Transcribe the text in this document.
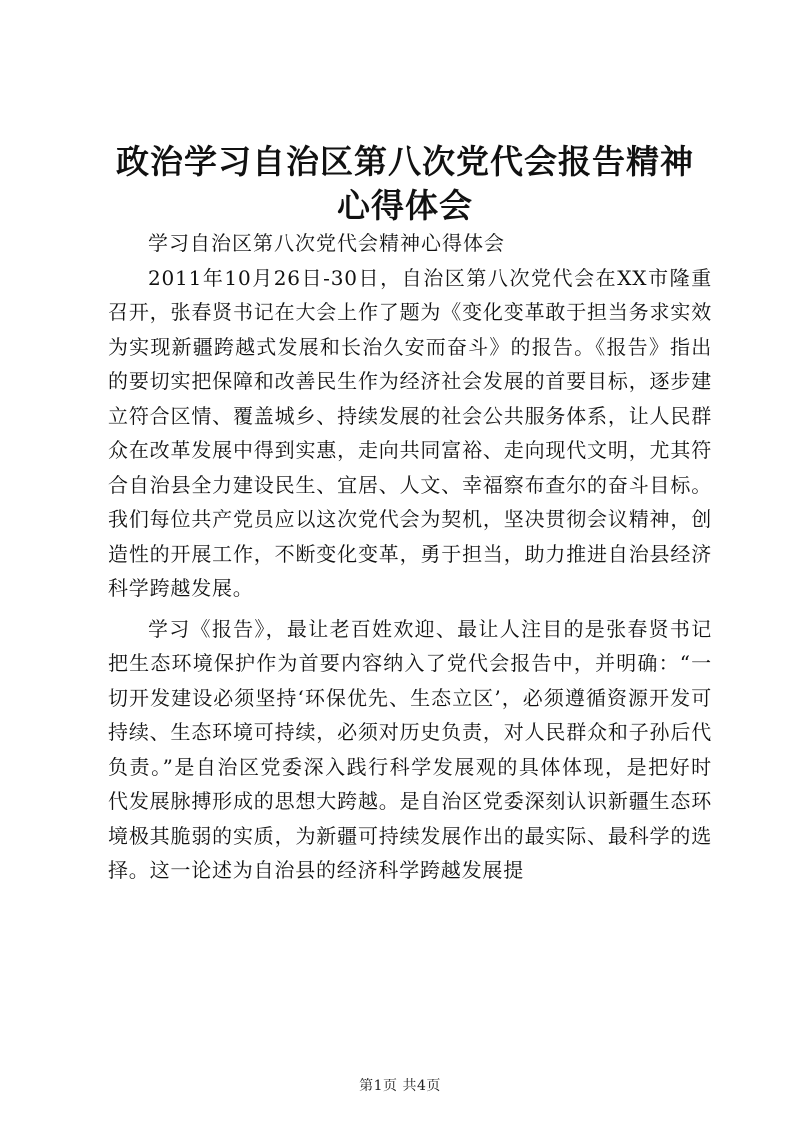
政治学习自治区第八次党代会报告精神心得体会

学习自治区第八次党代会精神心得体会

2011年10月26日-30日，自治区第八次党代会在XX市隆重召开，张春贤书记在大会上作了题为《变化变革敢于担当务求实效为实现新疆跨越式发展和长治久安而奋斗》的报告。《报告》指出的要切实把保障和改善民生作为经济社会发展的首要目标，逐步建立符合区情、覆盖城乡、持续发展的社会公共服务体系，让人民群众在改革发展中得到实惠，走向共同富裕、走向现代文明，尤其符合自治县全力建设民生、宜居、人文、幸福察布查尔的奋斗目标。我们每位共产党员应以这次党代会为契机，坚决贯彻会议精神，创造性的开展工作，不断变化变革，勇于担当，助力推进自治县经济科学跨越发展。

学习《报告》，最让老百姓欢迎、最让人注目的是张春贤书记把生态环境保护作为首要内容纳入了党代会报告中，并明确：“一切开发建设必须坚持‘环保优先、生态立区’，必须遵循资源开发可持续、生态环境可持续，必须对历史负责，对人民群众和子孙后代负责。”是自治区党委深入践行科学发展观的具体体现，是把好时代发展脉搏形成的思想大跨越。是自治区党委深刻认识新疆生态环境极其脆弱的实质，为新疆可持续发展作出的最实际、最科学的选择。这一论述为自治县的经济科学跨越发展提

第1页 共4页
